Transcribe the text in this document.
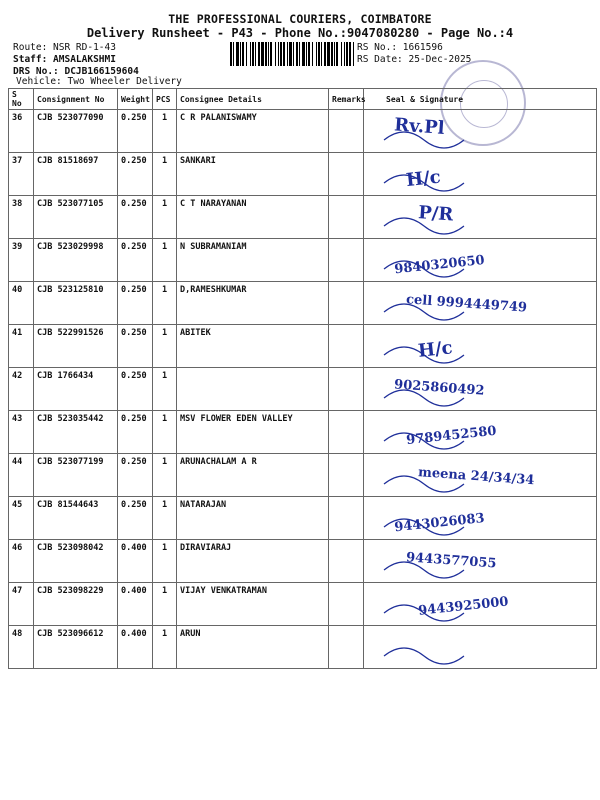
THE PROFESSIONAL COURIERS, COIMBATORE
Delivery Runsheet - P43 - Phone No.:9047080280 - Page No.:4
Route: NSR RD-1-43
Staff: AMSALAKSHMI
DRS No.: DCJB166159604
Vehicle: Two Wheeler Delivery
RS No.: 1661596
RS Date: 25-Dec-2025
S No	Consignment No	Weight	PCS	Consignee Details	Remarks	Seal & Signature
36	CJB 523077090	0.250	1	C R PALANISWAMY		Rv.Pl

37	CJB 81518697	0.250	1	SANKARI		H/c

38	CJB 523077105	0.250	1	C T NARAYANAN		P/R

39	CJB 523029998	0.250	1	N SUBRAMANIAM		9840320650

40	CJB 523125810	0.250	1	D,RAMESHKUMAR		cell 9994449749

41	CJB 522991526	0.250	1	ABITEK		H/c

42	CJB 1766434	0.250	1			9025860492

43	CJB 523035442	0.250	1	MSV FLOWER EDEN VALLEY		9789452580

44	CJB 523077199	0.250	1	ARUNACHALAM A R		meena 24/34/34

45	CJB 81544643	0.250	1	NATARAJAN		9443026083

46	CJB 523098042	0.400	1	DIRAVIARAJ		9443577055

47	CJB 523098229	0.400	1	VIJAY VENKATRAMAN		9443925000

48	CJB 523096612	0.400	1	ARUN		
